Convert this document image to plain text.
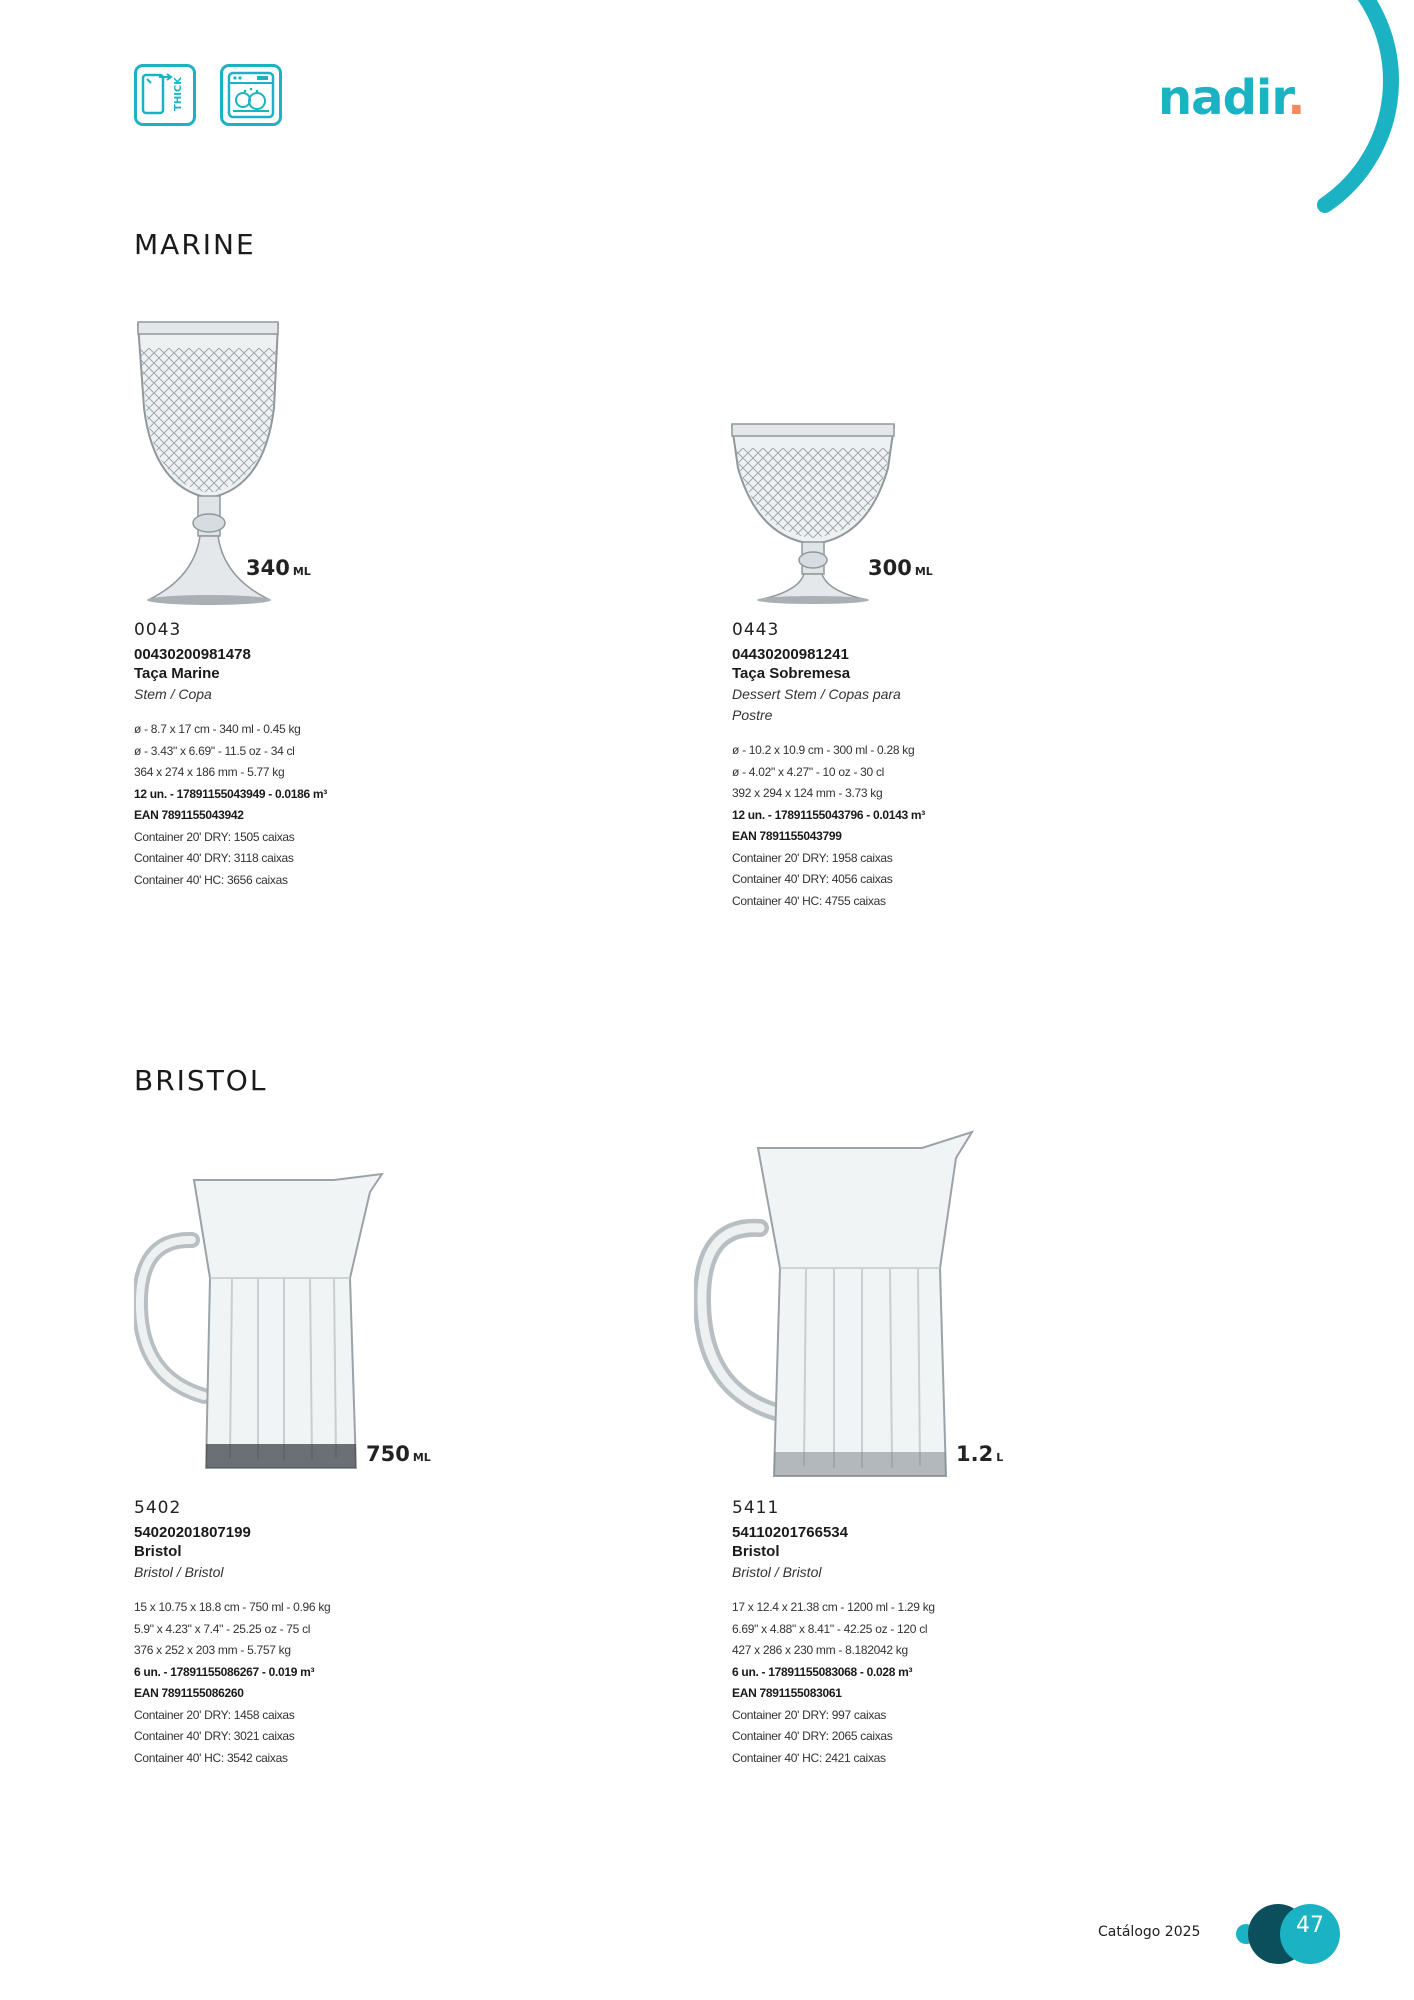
THICK	nadir.
MARINE
340 ML
0043
00430200981478
Taça Marine
Stem / Copa
ø - 8.7 x 17 cm - 340 ml - 0.45 kg
ø - 3.43" x 6.69" - 11.5 oz - 34 cl
364 x 274 x 186 mm - 5.77 kg
12 un. - 17891155043949 - 0.0186 m³
EAN 7891155043942
Container 20' DRY: 1505 caixas
Container 40' DRY: 3118 caixas
Container 40' HC: 3656 caixas
300 ML
0443
04430200981241
Taça Sobremesa
Dessert Stem / Copas para Postre
ø - 10.2 x 10.9 cm - 300 ml - 0.28 kg
ø - 4.02" x 4.27" - 10 oz - 30 cl
392 x 294 x 124 mm - 3.73 kg
12 un. - 17891155043796 - 0.0143 m³
EAN 7891155043799
Container 20' DRY: 1958 caixas
Container 40' DRY: 4056 caixas
Container 40' HC: 4755 caixas
BRISTOL
750 ML
5402
54020201807199
Bristol
Bristol / Bristol
15 x 10.75 x 18.8 cm - 750 ml - 0.96 kg
5.9" x 4.23" x 7.4" - 25.25 oz - 75 cl
376 x 252 x 203 mm - 5.757 kg
6 un. - 17891155086267 - 0.019 m³
EAN 7891155086260
Container 20' DRY: 1458 caixas
Container 40' DRY: 3021 caixas
Container 40' HC: 3542 caixas
1.2 L
5411
54110201766534
Bristol
Bristol / Bristol
17 x 12.4 x 21.38 cm - 1200 ml - 1.29 kg
6.69" x 4.88" x 8.41" - 42.25 oz - 120 cl
427 x 286 x 230 mm - 8.182042 kg
6 un. - 17891155083068 - 0.028 m³
EAN 7891155083061
Container 20' DRY: 997 caixas
Container 40' DRY: 2065 caixas
Container 40' HC: 2421 caixas
Catálogo 2025	47
